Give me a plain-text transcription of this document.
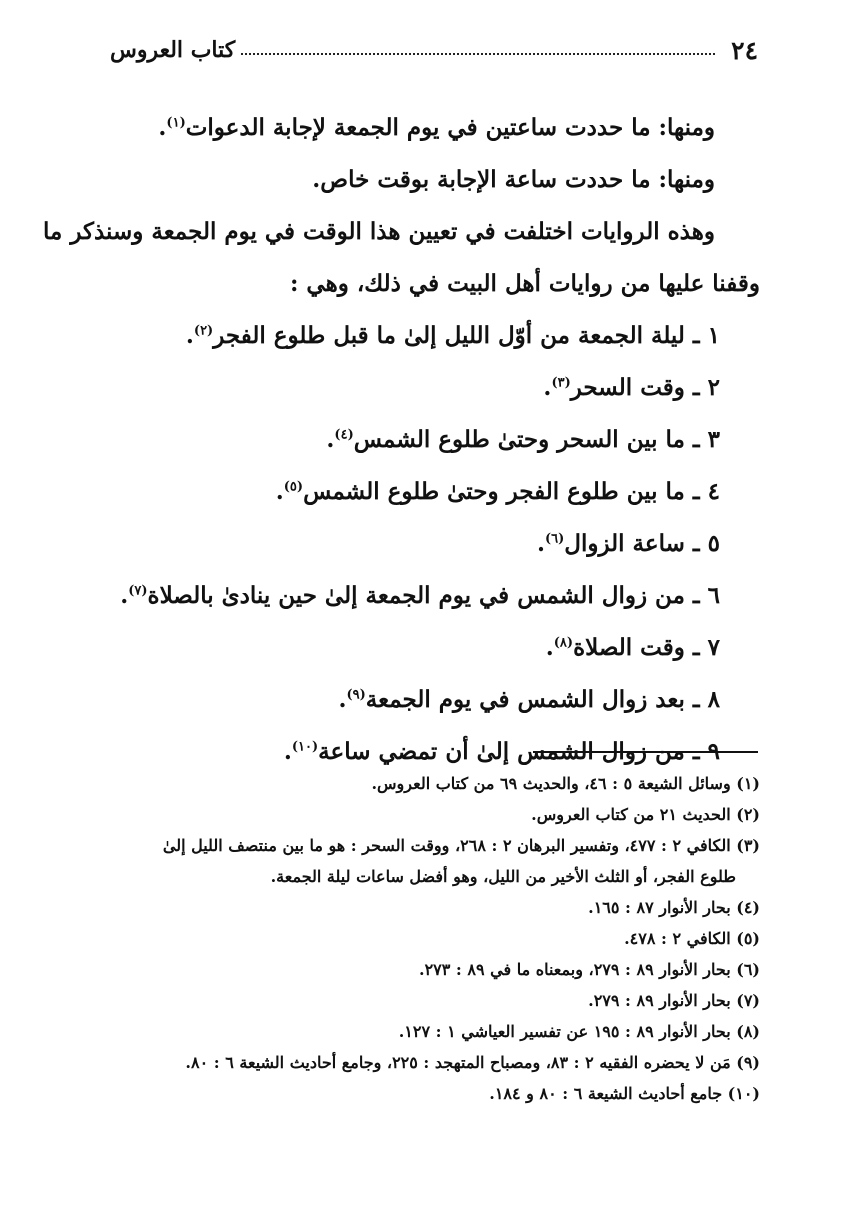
٢٤
كتاب العروس
ومنها: ما حددت ساعتين في يوم الجمعة لإجابة الدعوات$^{(١)}$.
ومنها: ما حددت ساعة الإجابة بوقت خاص.
وهذه الروايات اختلفت في تعيين هذا الوقت في يوم الجمعة وسنذكر ما
وقفنا عليها من روايات أهل البيت في ذلك، وهي :
١ ـ ليلة الجمعة من أوّل الليل إلىٰ ما قبل طلوع الفجر$^{(٢)}$.
٢ ـ وقت السحر$^{(٣)}$.
٣ ـ ما بين السحر وحتىٰ طلوع الشمس$^{(٤)}$.
٤ ـ ما بين طلوع الفجر وحتىٰ طلوع الشمس$^{(٥)}$.
٥ ـ ساعة الزوال$^{(٦)}$.
٦ ـ من زوال الشمس في يوم الجمعة إلىٰ حين ينادىٰ بالصلاة$^{(٧)}$.
٧ ـ وقت الصلاة$^{(٨)}$.
٨ ـ بعد زوال الشمس في يوم الجمعة$^{(٩)}$.
٩ ـ من زوال الشمس إلىٰ أن تمضي ساعة$^{(١٠)}$.
(١) وسائل الشيعة ٥ : ٤٦، والحديث ٦٩ من كتاب العروس.
(٢) الحديث ٢١ من كتاب العروس.
(٣) الكافي ٢ : ٤٧٧، وتفسير البرهان ٢ : ٢٦٨، ووقت السحر : هو ما بين منتصف الليل إلىٰ
طلوع الفجر، أو الثلث الأخير من الليل، وهو أفضل ساعات ليلة الجمعة.
(٤) بحار الأنوار ٨٧ : ١٦٥.
(٥) الكافي ٢ : ٤٧٨.
(٦) بحار الأنوار ٨٩ : ٢٧٩، وبمعناه ما في ٨٩ : ٢٧٣.
(٧) بحار الأنوار ٨٩ : ٢٧٩.
(٨) بحار الأنوار ٨٩ : ١٩٥ عن تفسير العياشي ١ : ١٢٧.
(٩) مَن لا يحضره الفقيه ٢ : ٨٣، ومصباح المتهجد : ٢٢٥، وجامع أحاديث الشيعة ٦ : ٨٠.
(١٠) جامع أحاديث الشيعة ٦ : ٨٠ و ١٨٤.
